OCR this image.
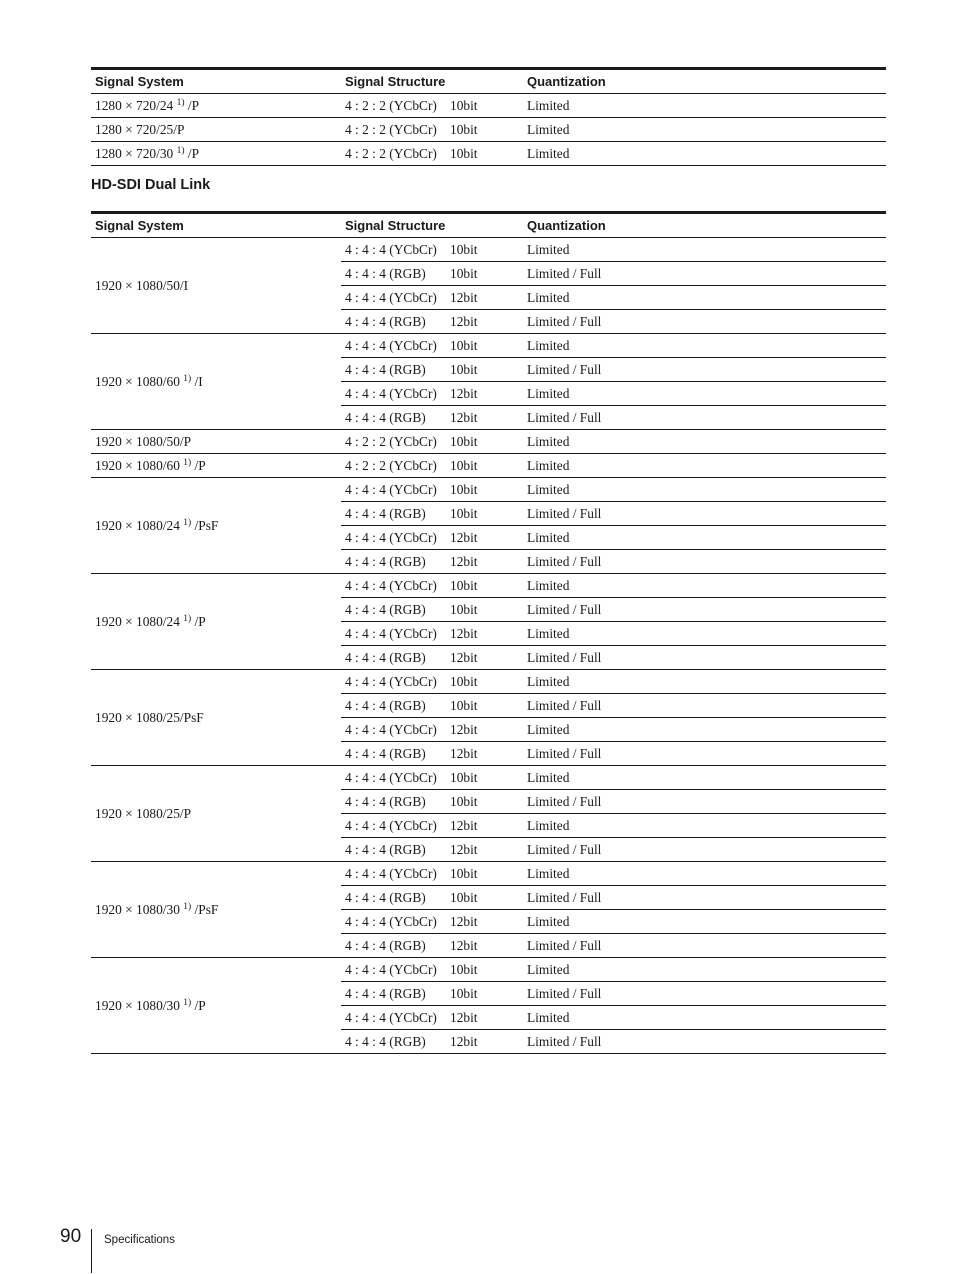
Signal System	Signal Structure	Quantization
1280 × 720/24 $^{1)}$ /P	4 : 2 : 2 (YCbCr) 10bit	Limited
1280 × 720/25/P	4 : 2 : 2 (YCbCr) 10bit	Limited
1280 × 720/30 $^{1)}$ /P	4 : 2 : 2 (YCbCr) 10bit	Limited
HD-SDI Dual Link
Signal System	Signal Structure	Quantization
1920 × 1080/50/I	4 : 4 : 4 (YCbCr) 10bit	Limited
	4 : 4 : 4 (RGB) 10bit	Limited / Full
	4 : 4 : 4 (YCbCr) 12bit	Limited
	4 : 4 : 4 (RGB) 12bit	Limited / Full
1920 × 1080/60 $^{1)}$ /I	4 : 4 : 4 (YCbCr) 10bit	Limited
	4 : 4 : 4 (RGB) 10bit	Limited / Full
	4 : 4 : 4 (YCbCr) 12bit	Limited
	4 : 4 : 4 (RGB) 12bit	Limited / Full
1920 × 1080/50/P	4 : 2 : 2 (YCbCr) 10bit	Limited
1920 × 1080/60 $^{1)}$ /P	4 : 2 : 2 (YCbCr) 10bit	Limited
1920 × 1080/24 $^{1)}$ /PsF	4 : 4 : 4 (YCbCr) 10bit	Limited
	4 : 4 : 4 (RGB) 10bit	Limited / Full
	4 : 4 : 4 (YCbCr) 12bit	Limited
	4 : 4 : 4 (RGB) 12bit	Limited / Full
1920 × 1080/24 $^{1)}$ /P	4 : 4 : 4 (YCbCr) 10bit	Limited
	4 : 4 : 4 (RGB) 10bit	Limited / Full
	4 : 4 : 4 (YCbCr) 12bit	Limited
	4 : 4 : 4 (RGB) 12bit	Limited / Full
1920 × 1080/25/PsF	4 : 4 : 4 (YCbCr) 10bit	Limited
	4 : 4 : 4 (RGB) 10bit	Limited / Full
	4 : 4 : 4 (YCbCr) 12bit	Limited
	4 : 4 : 4 (RGB) 12bit	Limited / Full
1920 × 1080/25/P	4 : 4 : 4 (YCbCr) 10bit	Limited
	4 : 4 : 4 (RGB) 10bit	Limited / Full
	4 : 4 : 4 (YCbCr) 12bit	Limited
	4 : 4 : 4 (RGB) 12bit	Limited / Full
1920 × 1080/30 $^{1)}$ /PsF	4 : 4 : 4 (YCbCr) 10bit	Limited
	4 : 4 : 4 (RGB) 10bit	Limited / Full
	4 : 4 : 4 (YCbCr) 12bit	Limited
	4 : 4 : 4 (RGB) 12bit	Limited / Full
1920 × 1080/30 $^{1)}$ /P	4 : 4 : 4 (YCbCr) 10bit	Limited
	4 : 4 : 4 (RGB) 10bit	Limited / Full
	4 : 4 : 4 (YCbCr) 12bit	Limited
	4 : 4 : 4 (RGB) 12bit	Limited / Full
90 Specifications
